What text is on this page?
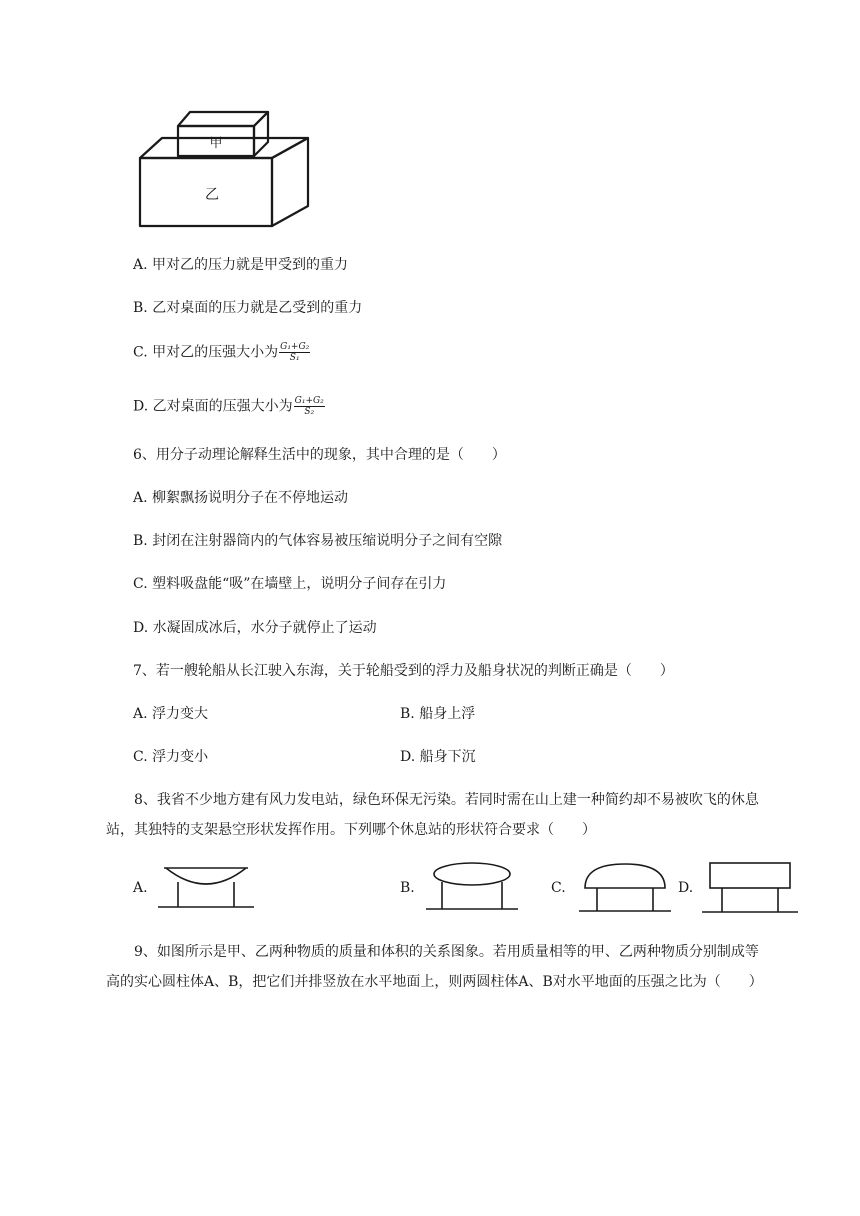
甲
乙
A. 甲对乙的压力就是甲受到的重力
B. 乙对桌面的压力就是乙受到的重力
C. 甲对乙的压强大小为 $\frac{\text{G₁+G₂}}{\text{S₁}}$
D. 乙对桌面的压强大小为 $\frac{\text{G₁+G₂}}{\text{S₂}}$
6、用分子动理论解释生活中的现象，其中合理的是（　　）
A. 柳絮飘扬说明分子在不停地运动
B. 封闭在注射器筒内的气体容易被压缩说明分子之间有空隙
C. 塑料吸盘能“吸”在墙壁上，说明分子间存在引力
D. 水凝固成冰后，水分子就停止了运动
7、若一艘轮船从长江驶入东海，关于轮船受到的浮力及船身状况的判断正确是（　　）
A. 浮力变大	B. 船身上浮
C. 浮力变小	D. 船身下沉
8、我省不少地方建有风力发电站，绿色环保无污染。若同时需在山上建一种简约却不易被吹飞的休息站，其独特的支架悬空形状发挥作用。下列哪个休息站的形状符合要求（　　）
A.	B.	C.	D.
9、如图所示是甲、乙两种物质的质量和体积的关系图象。若用质量相等的甲、乙两种物质分别制成等高的实心圆柱体A、B，把它们并排竖放在水平地面上，则两圆柱体A、B对水平地面的压强之比为（　　）
